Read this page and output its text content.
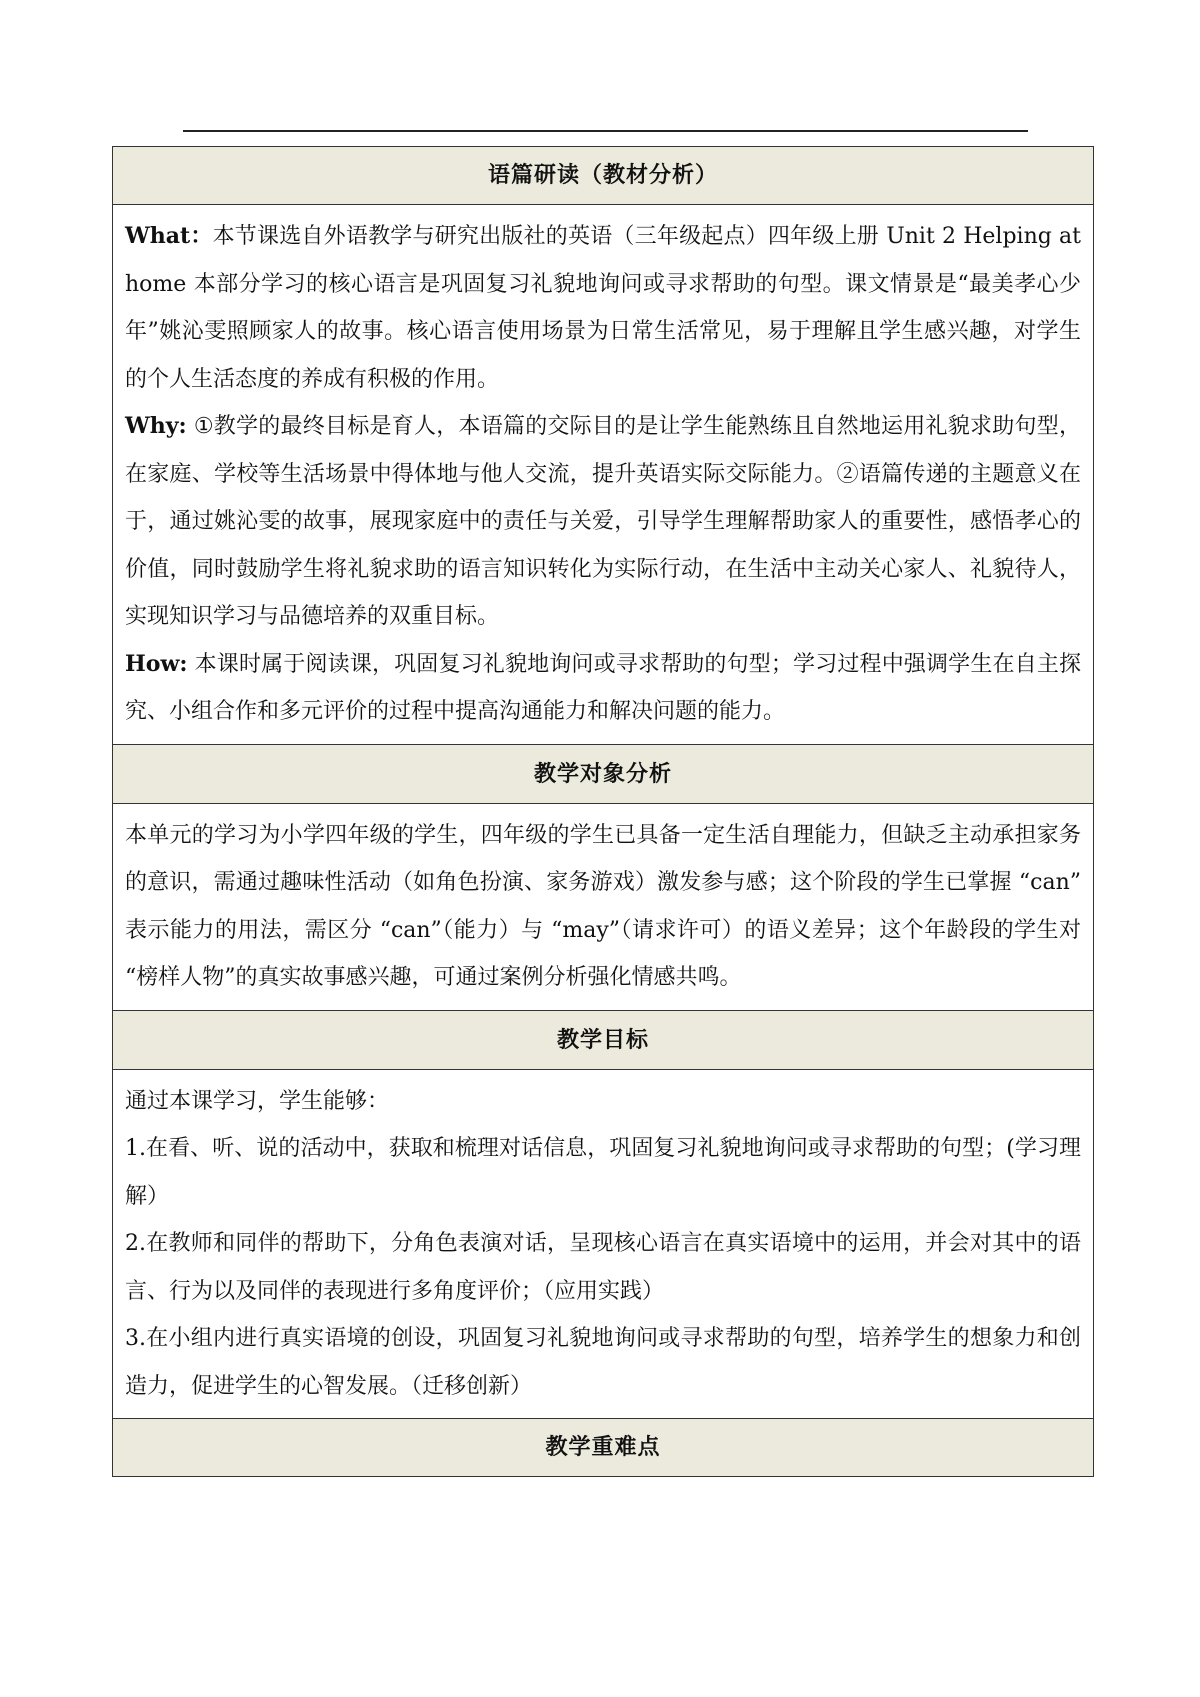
语篇研读（教材分析）

What：本节课选自外语教学与研究出版社的英语（三年级起点）四年级上册 Unit 2 Helping at home 本部分学习的核心语言是巩固复习礼貌地询问或寻求帮助的句型。课文情景是“最美孝心少年”姚沁雯照顾家人的故事。核心语言使用场景为日常生活常见，易于理解且学生感兴趣，对学生的个人生活态度的养成有积极的作用。

Why: ①教学的最终目标是育人，本语篇的交际目的是让学生能熟练且自然地运用礼貌求助句型，在家庭、学校等生活场景中得体地与他人交流，提升英语实际交际能力。②语篇传递的主题意义在于，通过姚沁雯的故事，展现家庭中的责任与关爱，引导学生理解帮助家人的重要性，感悟孝心的价值，同时鼓励学生将礼貌求助的语言知识转化为实际行动，在生活中主动关心家人、礼貌待人，实现知识学习与品德培养的双重目标。

How: 本课时属于阅读课，巩固复习礼貌地询问或寻求帮助的句型；学习过程中强调学生在自主探究、小组合作和多元评价的过程中提高沟通能力和解决问题的能力。

教学对象分析

本单元的学习为小学四年级的学生，四年级的学生已具备一定生活自理能力，但缺乏主动承担家务的意识，需通过趣味性活动（如角色扮演、家务游戏）激发参与感；这个阶段的学生已掌握 “can” 表示能力的用法，需区分 “can”（能力）与 “may”（请求许可）的语义差异；这个年龄段的学生对 “榜样人物”的真实故事感兴趣，可通过案例分析强化情感共鸣。

教学目标

通过本课学习，学生能够：

1.在看、听、说的活动中，获取和梳理对话信息，巩固复习礼貌地询问或寻求帮助的句型；(学习理解）

2.在教师和同伴的帮助下，分角色表演对话，呈现核心语言在真实语境中的运用，并会对其中的语言、行为以及同伴的表现进行多角度评价；（应用实践）

3.在小组内进行真实语境的创设，巩固复习礼貌地询问或寻求帮助的句型，培养学生的想象力和创造力，促进学生的心智发展。（迁移创新）

教学重难点
